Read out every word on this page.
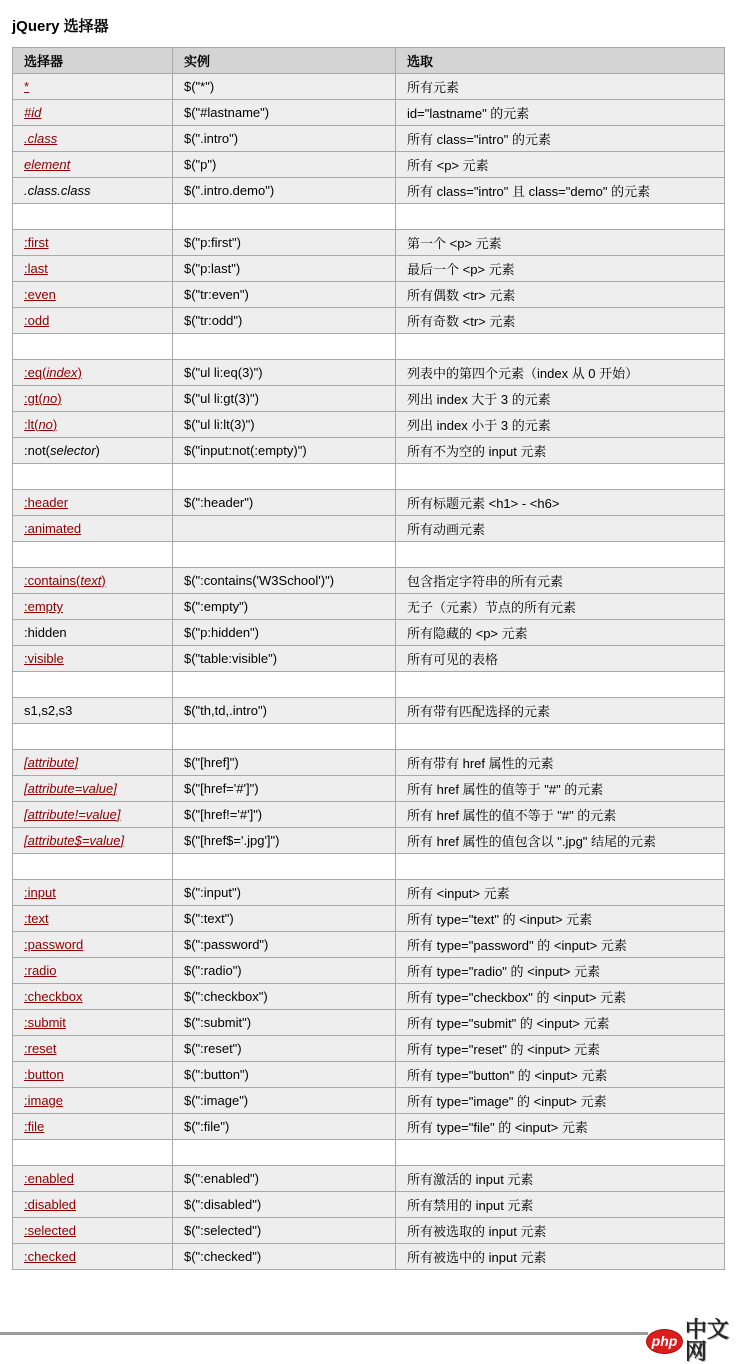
jQuery 选择器
选择器	实例	选取
*	$("*")	所有元素
#id	$("#lastname")	id="lastname" 的元素
.class	$(".intro")	所有 class="intro" 的元素
element	$("p")	所有 <p> 元素
.class.class	$(".intro.demo")	所有 class="intro" 且 class="demo" 的元素

:first	$("p:first")	第一个 <p> 元素
:last	$("p:last")	最后一个 <p> 元素
:even	$("tr:even")	所有偶数 <tr> 元素
:odd	$("tr:odd")	所有奇数 <tr> 元素

:eq(index)	$("ul li:eq(3)")	列表中的第四个元素（index 从 0 开始）
:gt(no)	$("ul li:gt(3)")	列出 index 大于 3 的元素
:lt(no)	$("ul li:lt(3)")	列出 index 小于 3 的元素
:not(selector)	$("input:not(:empty)")	所有不为空的 input 元素

:header	$(":header")	所有标题元素 <h1> - <h6>
:animated		所有动画元素

:contains(text)	$(":contains('W3School')")	包含指定字符串的所有元素
:empty	$(":empty")	无子（元素）节点的所有元素
:hidden	$("p:hidden")	所有隐藏的 <p> 元素
:visible	$("table:visible")	所有可见的表格

s1,s2,s3	$("th,td,.intro")	所有带有匹配选择的元素

[attribute]	$("[href]")	所有带有 href 属性的元素
[attribute=value]	$("[href='#']")	所有 href 属性的值等于 "#" 的元素
[attribute!=value]	$("[href!='#']")	所有 href 属性的值不等于 "#" 的元素
[attribute$=value]	$("[href$='.jpg']")	所有 href 属性的值包含以 ".jpg" 结尾的元素

:input	$(":input")	所有 <input> 元素
:text	$(":text")	所有 type="text" 的 <input> 元素
:password	$(":password")	所有 type="password" 的 <input> 元素
:radio	$(":radio")	所有 type="radio" 的 <input> 元素
:checkbox	$(":checkbox")	所有 type="checkbox" 的 <input> 元素
:submit	$(":submit")	所有 type="submit" 的 <input> 元素
:reset	$(":reset")	所有 type="reset" 的 <input> 元素
:button	$(":button")	所有 type="button" 的 <input> 元素
:image	$(":image")	所有 type="image" 的 <input> 元素
:file	$(":file")	所有 type="file" 的 <input> 元素

:enabled	$(":enabled")	所有激活的 input 元素
:disabled	$(":disabled")	所有禁用的 input 元素
:selected	$(":selected")	所有被选取的 input 元素
:checked	$(":checked")	所有被选中的 input 元素
php 中文网
